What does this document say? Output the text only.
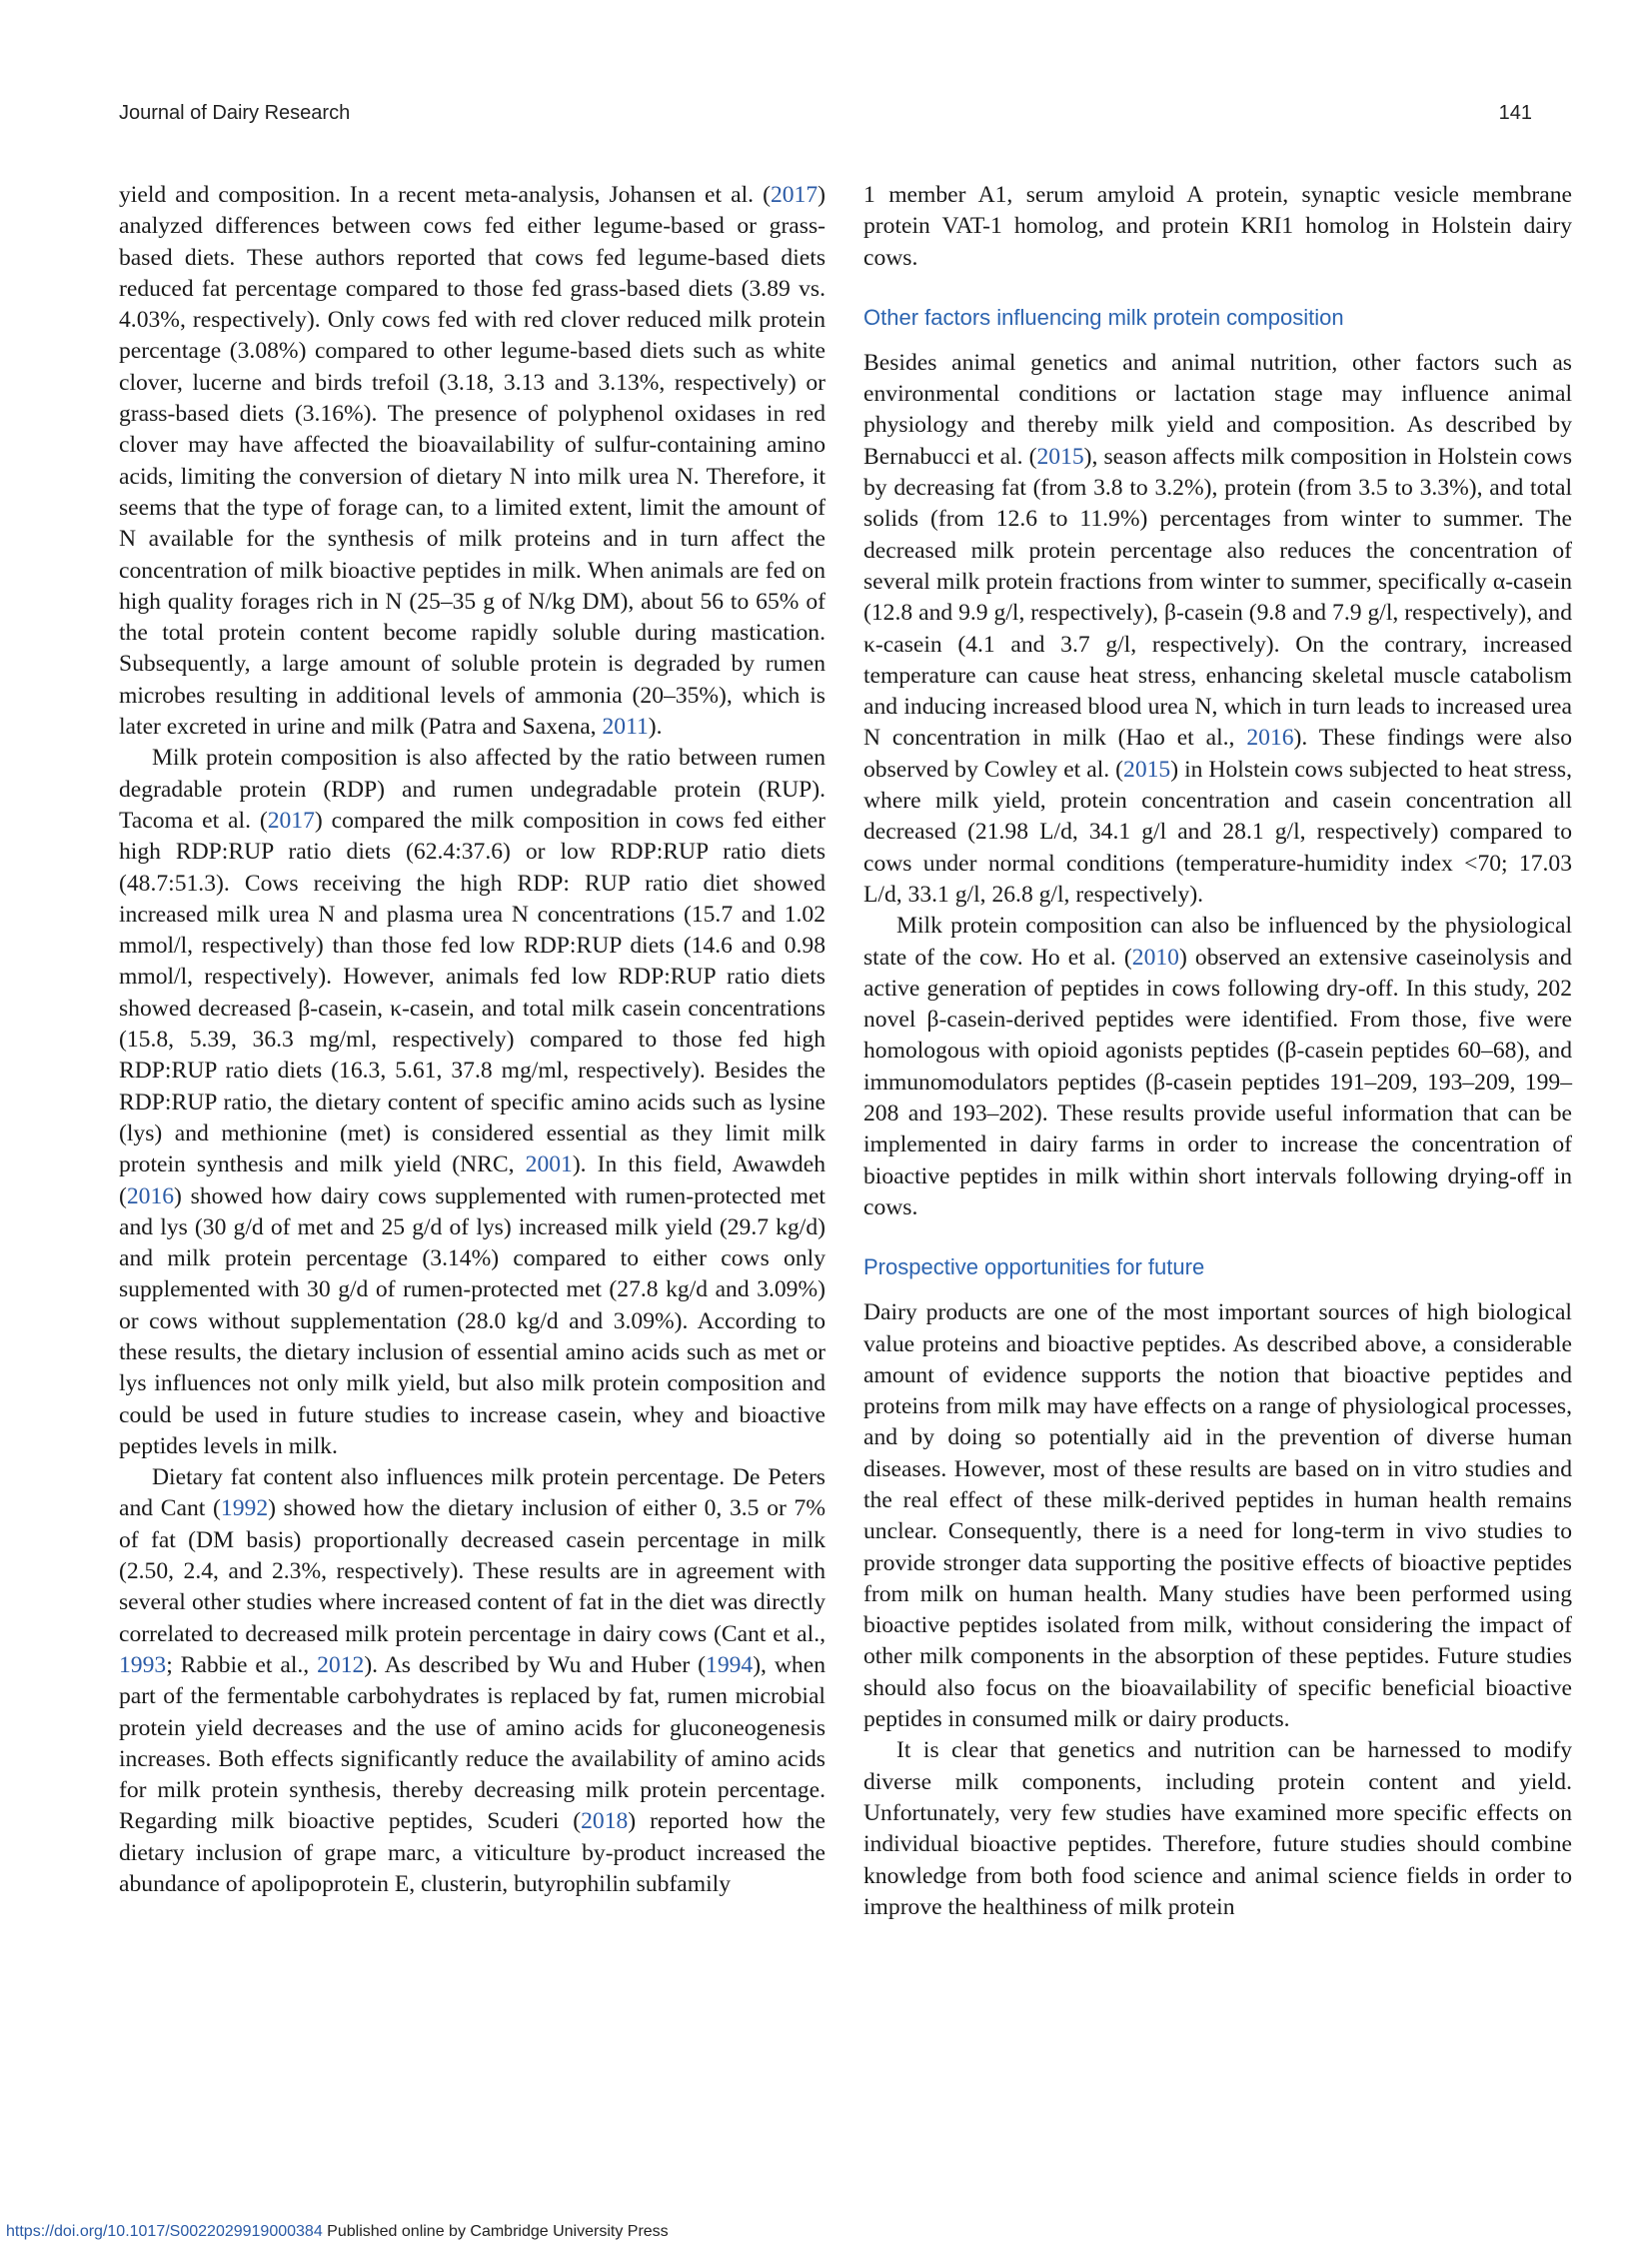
Journal of Dairy Research	141

yield and composition. In a recent meta-analysis, Johansen et al. (2017) analyzed differences between cows fed either legume-based or grass-based diets. These authors reported that cows fed legume-based diets reduced fat percentage compared to those fed grass-based diets (3.89 vs. 4.03%, respectively). Only cows fed with red clover reduced milk protein percentage (3.08%) compared to other legume-based diets such as white clover, lucerne and birds trefoil (3.18, 3.13 and 3.13%, respectively) or grass-based diets (3.16%). The presence of polyphenol oxidases in red clover may have affected the bioavailability of sulfur-containing amino acids, limiting the conversion of dietary N into milk urea N. Therefore, it seems that the type of forage can, to a limited extent, limit the amount of N available for the synthesis of milk proteins and in turn affect the concentration of milk bioactive peptides in milk. When animals are fed on high quality forages rich in N (25–35 g of N/kg DM), about 56 to 65% of the total protein content become rapidly soluble during mastication. Subsequently, a large amount of soluble protein is degraded by rumen microbes resulting in additional levels of ammonia (20–35%), which is later excreted in urine and milk (Patra and Saxena, 2011).

Milk protein composition is also affected by the ratio between rumen degradable protein (RDP) and rumen undegradable protein (RUP). Tacoma et al. (2017) compared the milk composition in cows fed either high RDP:RUP ratio diets (62.4:37.6) or low RDP:RUP ratio diets (48.7:51.3). Cows receiving the high RDP: RUP ratio diet showed increased milk urea N and plasma urea N concentrations (15.7 and 1.02 mmol/l, respectively) than those fed low RDP:RUP diets (14.6 and 0.98 mmol/l, respectively). However, animals fed low RDP:RUP ratio diets showed decreased β-casein, κ-casein, and total milk casein concentrations (15.8, 5.39, 36.3 mg/ml, respectively) compared to those fed high RDP:RUP ratio diets (16.3, 5.61, 37.8 mg/ml, respectively). Besides the RDP:RUP ratio, the dietary content of specific amino acids such as lysine (lys) and methionine (met) is considered essential as they limit milk protein synthesis and milk yield (NRC, 2001). In this field, Awawdeh (2016) showed how dairy cows supplemented with rumen-protected met and lys (30 g/d of met and 25 g/d of lys) increased milk yield (29.7 kg/d) and milk protein percentage (3.14%) compared to either cows only supplemented with 30 g/d of rumen-protected met (27.8 kg/d and 3.09%) or cows without supplementation (28.0 kg/d and 3.09%). According to these results, the dietary inclusion of essential amino acids such as met or lys influences not only milk yield, but also milk protein composition and could be used in future studies to increase casein, whey and bioactive peptides levels in milk.

Dietary fat content also influences milk protein percentage. De Peters and Cant (1992) showed how the dietary inclusion of either 0, 3.5 or 7% of fat (DM basis) proportionally decreased casein percentage in milk (2.50, 2.4, and 2.3%, respectively). These results are in agreement with several other studies where increased content of fat in the diet was directly correlated to decreased milk protein percentage in dairy cows (Cant et al., 1993; Rabbie et al., 2012). As described by Wu and Huber (1994), when part of the fermentable carbohydrates is replaced by fat, rumen microbial protein yield decreases and the use of amino acids for gluconeogenesis increases. Both effects significantly reduce the availability of amino acids for milk protein synthesis, thereby decreasing milk protein percentage. Regarding milk bioactive peptides, Scuderi (2018) reported how the dietary inclusion of grape marc, a viticulture by-product increased the abundance of apolipoprotein E, clusterin, butyrophilin subfamily

1 member A1, serum amyloid A protein, synaptic vesicle membrane protein VAT-1 homolog, and protein KRI1 homolog in Holstein dairy cows.

Other factors influencing milk protein composition

Besides animal genetics and animal nutrition, other factors such as environmental conditions or lactation stage may influence animal physiology and thereby milk yield and composition. As described by Bernabucci et al. (2015), season affects milk composition in Holstein cows by decreasing fat (from 3.8 to 3.2%), protein (from 3.5 to 3.3%), and total solids (from 12.6 to 11.9%) percentages from winter to summer. The decreased milk protein percentage also reduces the concentration of several milk protein fractions from winter to summer, specifically α-casein (12.8 and 9.9 g/l, respectively), β-casein (9.8 and 7.9 g/l, respectively), and κ-casein (4.1 and 3.7 g/l, respectively). On the contrary, increased temperature can cause heat stress, enhancing skeletal muscle catabolism and inducing increased blood urea N, which in turn leads to increased urea N concentration in milk (Hao et al., 2016). These findings were also observed by Cowley et al. (2015) in Holstein cows subjected to heat stress, where milk yield, protein concentration and casein concentration all decreased (21.98 L/d, 34.1 g/l and 28.1 g/l, respectively) compared to cows under normal conditions (temperature-humidity index <70; 17.03 L/d, 33.1 g/l, 26.8 g/l, respectively).

Milk protein composition can also be influenced by the physiological state of the cow. Ho et al. (2010) observed an extensive caseinolysis and active generation of peptides in cows following dry-off. In this study, 202 novel β-casein-derived peptides were identified. From those, five were homologous with opioid agonists peptides (β-casein peptides 60–68), and immunomodulators peptides (β-casein peptides 191–209, 193–209, 199–208 and 193–202). These results provide useful information that can be implemented in dairy farms in order to increase the concentration of bioactive peptides in milk within short intervals following drying-off in cows.

Prospective opportunities for future

Dairy products are one of the most important sources of high biological value proteins and bioactive peptides. As described above, a considerable amount of evidence supports the notion that bioactive peptides and proteins from milk may have effects on a range of physiological processes, and by doing so potentially aid in the prevention of diverse human diseases. However, most of these results are based on in vitro studies and the real effect of these milk-derived peptides in human health remains unclear. Consequently, there is a need for long-term in vivo studies to provide stronger data supporting the positive effects of bioactive peptides from milk on human health. Many studies have been performed using bioactive peptides isolated from milk, without considering the impact of other milk components in the absorption of these peptides. Future studies should also focus on the bioavailability of specific beneficial bioactive peptides in consumed milk or dairy products.

It is clear that genetics and nutrition can be harnessed to modify diverse milk components, including protein content and yield. Unfortunately, very few studies have examined more specific effects on individual bioactive peptides. Therefore, future studies should combine knowledge from both food science and animal science fields in order to improve the healthiness of milk protein

https://doi.org/10.1017/S0022029919000384 Published online by Cambridge University Press
